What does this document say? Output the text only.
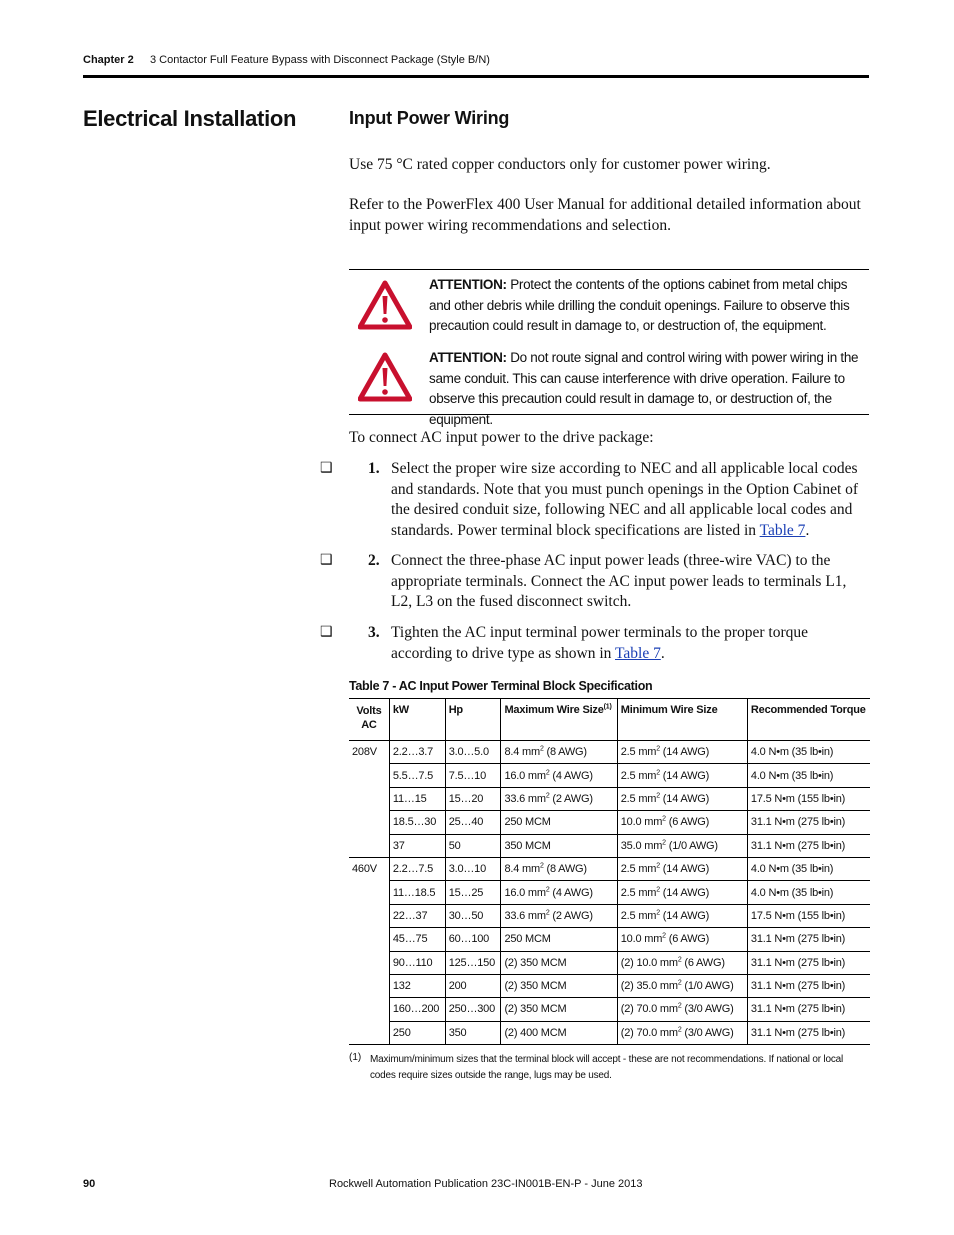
Chapter 2 3 Contactor Full Feature Bypass with Disconnect Package (Style B/N)
Electrical Installation	Input Power Wiring
Use 75 °C rated copper conductors only for customer power wiring.
Refer to the PowerFlex 400 User Manual for additional detailed information about input power wiring recommendations and selection.
ATTENTION: Protect the contents of the options cabinet from metal chips and other debris while drilling the conduit openings. Failure to observe this precaution could result in damage to, or destruction of, the equipment.
ATTENTION: Do not route signal and control wiring with power wiring in the same conduit. This can cause interference with drive operation. Failure to observe this precaution could result in damage to, or destruction of, the equipment.
To connect AC input power to the drive package:
❑ 1. Select the proper wire size according to NEC and all applicable local codes and standards. Note that you must punch openings in the Option Cabinet of the desired conduit size, following NEC and all applicable local codes and standards. Power terminal block specifications are listed in Table 7.
❑ 2. Connect the three-phase AC input power leads (three-wire VAC) to the appropriate terminals. Connect the AC input power leads to terminals L1, L2, L3 on the fused disconnect switch.
❑ 3. Tighten the AC input terminal power terminals to the proper torque according to drive type as shown in Table 7.
Table 7 - AC Input Power Terminal Block Specification
Volts AC	kW	Hp	Maximum Wire Size$^{(1)}$	Minimum Wire Size	Recommended Torque
208V	2.2…3.7	3.0…5.0	8.4 $mm^2$ (8 AWG)	2.5 $mm^2$ (14 AWG)	4.0 N•m (35 lb•in)
	5.5…7.5	7.5…10	16.0 $mm^2$ (4 AWG)	2.5 $mm^2$ (14 AWG)	4.0 N•m (35 lb•in)
	11…15	15…20	33.6 $mm^2$ (2 AWG)	2.5 $mm^2$ (14 AWG)	17.5 N•m (155 lb•in)
	18.5…30	25…40	250 MCM	10.0 $mm^2$ (6 AWG)	31.1 N•m (275 lb•in)
	37	50	350 MCM	35.0 $mm^2$ (1/0 AWG)	31.1 N•m (275 lb•in)
460V	2.2…7.5	3.0…10	8.4 $mm^2$ (8 AWG)	2.5 $mm^2$ (14 AWG)	4.0 N•m (35 lb•in)
	11…18.5	15…25	16.0 $mm^2$ (4 AWG)	2.5 $mm^2$ (14 AWG)	4.0 N•m (35 lb•in)
	22…37	30…50	33.6 $mm^2$ (2 AWG)	2.5 $mm^2$ (14 AWG)	17.5 N•m (155 lb•in)
	45…75	60…100	250 MCM	10.0 $mm^2$ (6 AWG)	31.1 N•m (275 lb•in)
	90…110	125…150	(2) 350 MCM	(2) 10.0 $mm^2$ (6 AWG)	31.1 N•m (275 lb•in)
	132	200	(2) 350 MCM	(2) 35.0 $mm^2$ (1/0 AWG)	31.1 N•m (275 lb•in)
	160…200	250…300	(2) 350 MCM	(2) 70.0 $mm^2$ (3/0 AWG)	31.1 N•m (275 lb•in)
	250	350	(2) 400 MCM	(2) 70.0 $mm^2$ (3/0 AWG)	31.1 N•m (275 lb•in)
(1) Maximum/minimum sizes that the terminal block will accept - these are not recommendations. If national or local codes require sizes outside the range, lugs may be used.
90	Rockwell Automation Publication 23C-IN001B-EN-P - June 2013
